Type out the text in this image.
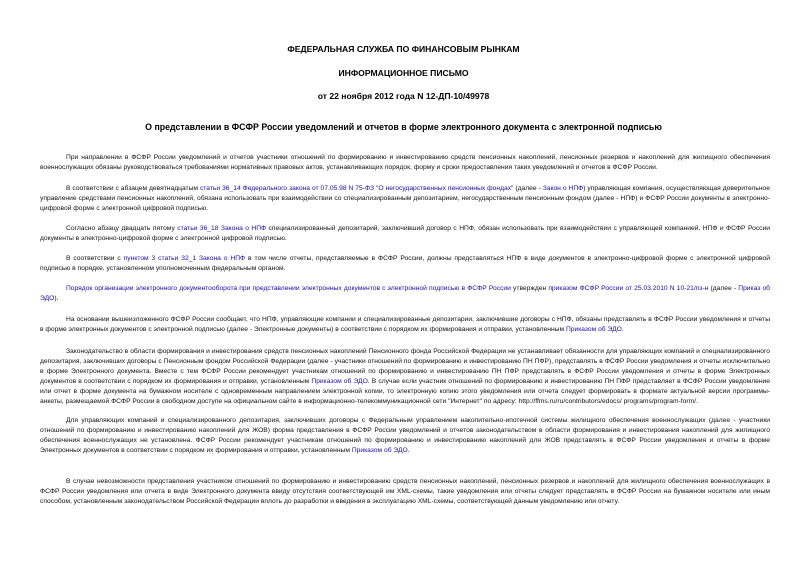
ФЕДЕРАЛЬНАЯ СЛУЖБА ПО ФИНАНСОВЫМ РЫНКАМ
ИНФОРМАЦИОННОЕ ПИСЬМО
от 22 ноября 2012 года N 12-ДП-10/49978
О представлении в ФСФР России уведомлений и отчетов в форме электронного документа с электронной подписью
При направлении в ФСФР России уведомлений и отчетов участники отношений по формированию и инвестированию средств пенсионных накоплений, пенсионных резервов и накоплений для жилищного обеспечения военнослужащих обязаны руководствоваться требованиями нормативных правовых актов, устанавливающих порядок, форму и сроки предоставления таких уведомлений и отчетов в ФСФР России.
В соответствии с абзацем девятнадцатым статьи 36_14 Федерального закона от 07.05.98 N 75-ФЗ "О негосударственных пенсионных фондах" (далее - Закон о НПФ) управляющая компания, осуществляющая доверительное управление средствами пенсионных накоплений, обязана использовать при взаимодействии со специализированным депозитарием, негосударственным пенсионным фондом (далее - НПФ) и ФСФР России документы в электронно-цифровой форме с электронной цифровой подписью.
Согласно абзацу двадцать пятому статьи 36_18 Закона о НПФ специализированный депозитарий, заключивший договор с НПФ, обязан использовать при взаимодействии с управляющей компанией, НПФ и ФСФР России документы в электронно-цифровой форме с электронной цифровой подписью.
В соответствии с пунктом 3 статьи 32_1 Закона о НПФ в том числе отчеты, представляемые в ФСФР России, должны представляться НПФ в виде документов в электронно-цифровой форме с электронной цифровой подписью в порядке, установленном уполномоченным федеральным органом.
Порядок организации электронного документооборота при представлении электронных документов с электронной подписью в ФСФР России утвержден приказом ФСФР России от 25.03.2010 N 10-21/пз-н (далее - Приказ об ЭДО).
На основании вышеизложенного ФСФР России сообщает, что НПФ, управляющие компании и специализированные депозитарии, заключившие договоры с НПФ, обязаны представлять в ФСФР России уведомления и отчеты в форме электронных документов с электронной подписью (далее - Электронные документы) в соответствии с порядком их формирования и отправки, установленным Приказом об ЭДО.
Законодательство в области формирования и инвестирования средств пенсионных накоплений Пенсионного фонда Российской Федерации не устанавливает обязанности для управляющих компаний и специализированного депозитария, заключивших договоры с Пенсионным фондом Российской Федерации (далее - участники отношений по формированию и инвестированию ПН ПФР), представлять в ФСФР России уведомления и отчеты исключительно в форме Электронного документа. Вместе с тем ФСФР России рекомендует участникам отношений по формированию и инвестированию ПН ПФР представлять в ФСФР России уведомления и отчеты в форме Электронных документов в соответствии с порядком их формирования и отправки, установленным Приказом об ЭДО. В случае если участник отношений по формированию и инвестированию ПН ПФР представляет в ФСФР России уведомление или отчет в форме документа на бумажном носителе с одновременным направлением электронной копии, то электронную копию этого уведомления или отчета следует формировать в формате актуальной версии программы-анкеты, размещаемой ФСФР России в свободном доступе на официальном сайте в информационно-телекоммуникационной сети "Интернет" по адресу: http://ffms.ru/ru/contributors/edocs/ programs/program-form/.
Для управляющих компаний и специализированного депозитария, заключивших договоры с Федеральным управлением накопительно-ипотечной системы жилищного обеспечения военнослужащих (далее - участники отношений по формированию и инвестированию накоплений для ЖОВ) форма представления в ФСФР России уведомлений и отчетов законодательством в области формирования и инвестирования накоплений для жилищного обеспечения военнослужащих не установлена. ФСФР России рекомендует участникам отношений по формированию и инвестированию накоплений для ЖОВ представлять в ФСФР России уведомления и отчеты в форме Электронных документов в соответствии с порядком их формирования и отправки, установленным Приказом об ЭДО.
В случае невозможности представления участником отношений по формированию и инвестированию средств пенсионных накоплений, пенсионных резервов и накоплений для жилищного обеспечения военнослужащих в ФСФР России уведомления или отчета в виде Электронного документа ввиду отсутствия соответствующей им XML-схемы, такие уведомления или отчеты следует представлять в ФСФР России на бумажном носителе или иным способом, установленным законодательством Российской Федерации вплоть до разработки и введения в эксплуатацию XML-схемы, соответствующей данным уведомлению или отчету.
